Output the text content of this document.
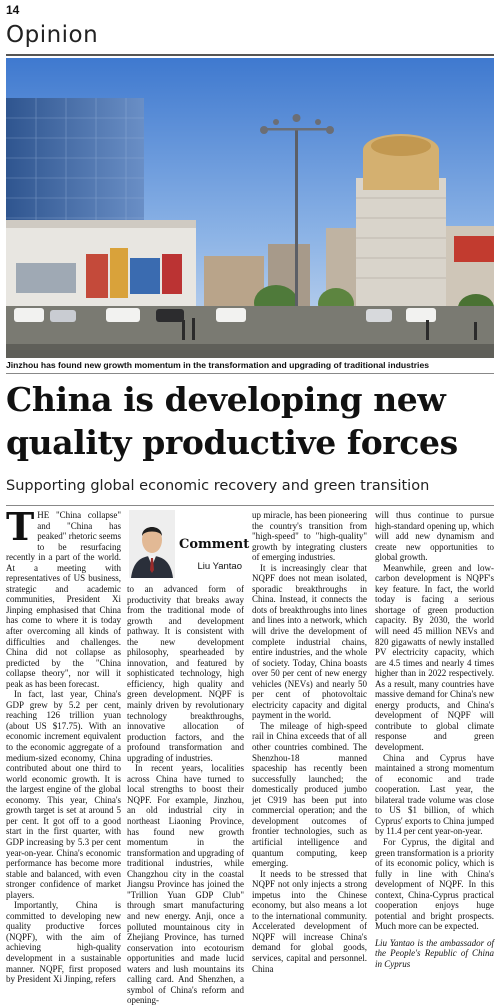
14
Opinion
Jinzhou has found new growth momentum in the transformation and upgrading of traditional industries
China is developing new
quality productive forces
Supporting global economic recovery and green transition

THE "China collapse" and "China has peaked" rhetoric seems to be resurfacing recently in a part of the world. At a meeting with representatives of US business, strategic and academic communities, President Xi Jinping emphasised that China has come to where it is today after overcoming all kinds of difficulties and challenges. China did not collapse as predicted by the "China collapse theory", nor will it peak as has been forecast.

In fact, last year, China's GDP grew by 5.2 per cent, reaching 126 trillion yuan (about US $17.75). With an economic increment equivalent to the economic aggregate of a medium-sized economy, China contributed about one third to world economic growth. It is the largest engine of the global economy. This year, China's growth target is set at around 5 per cent. It got off to a good start in the first quarter, with GDP increasing by 5.3 per cent year-on-year. China's economic performance has become more stable and balanced, with even stronger confidence of market players.

Importantly, China is committed to developing new quality productive forces (NQPF), with the aim of achieving high-quality development in a sustainable manner. NQPF, first proposed by President Xi Jinping, refers

Comment
Liu Yantao

to an advanced form of productivity that breaks away from the traditional mode of growth and development pathway. It is consistent with the new development philosophy, spearheaded by innovation, and featured by sophisticated technology, high efficiency, high quality and green development. NQPF is mainly driven by revolutionary technology breakthroughs, innovative allocation of production factors, and the profound transformation and upgrading of industries.

In recent years, localities across China have turned to local strengths to boost their NQPF. For example, Jinzhou, an old industrial city in northeast Liaoning Province, has found new growth momentum in the transformation and upgrading of traditional industries, while Changzhou city in the coastal Jiangsu Province has joined the "Trillion Yuan GDP Club" through smart manufacturing and new energy. Anji, once a polluted mountainous city in Zhejiang Province, has turned conservation into ecotourism opportunities and made lucid waters and lush mountains its calling card. And Shenzhen, a symbol of China's reform and opening-

up miracle, has been pioneering the country's transition from "high-speed" to "high-quality" growth by integrating clusters of emerging industries.

It is increasingly clear that NQPF does not mean isolated, sporadic breakthroughs in China. Instead, it connects the dots of breakthroughs into lines and lines into a network, which will drive the development of complete industrial chains, entire industries, and the whole of society. Today, China boasts over 50 per cent of new energy vehicles (NEVs) and nearly 50 per cent of photovoltaic electricity capacity and digital payment in the world.

The mileage of high-speed rail in China exceeds that of all other countries combined. The Shenzhou-18 manned spaceship has recently been successfully launched; the domestically produced jumbo jet C919 has been put into commercial operation; and the development outcomes of frontier technologies, such as artificial intelligence and quantum computing, keep emerging.

It needs to be stressed that NQPF not only injects a strong impetus into the Chinese economy, but also means a lot to the international community. Accelerated development of NQPF will increase China's demand for global goods, services, capital and personnel. China

will thus continue to pursue high-standard opening up, which will add new dynamism and create new opportunities to global growth.

Meanwhile, green and low-carbon development is NQPF's key feature. In fact, the world today is facing a serious shortage of green production capacity. By 2030, the world will need 45 million NEVs and 820 gigawatts of newly installed PV electricity capacity, which are 4.5 times and nearly 4 times higher than in 2022 respectively. As a result, many countries have massive demand for China's new energy products, and China's development of NQPF will contribute to global climate response and green development.

China and Cyprus have maintained a strong momentum of economic and trade cooperation. Last year, the bilateral trade volume was close to US $1 billion, of which Cyprus' exports to China jumped by 11.4 per cent year-on-year.

For Cyprus, the digital and green transformation is a priority of its economic policy, which is fully in line with China's development of NQPF. In this context, China-Cyprus practical cooperation enjoys huge potential and bright prospects. Much more can be expected.

Liu Yantao is the ambassador of the People's Republic of China in Cyprus
